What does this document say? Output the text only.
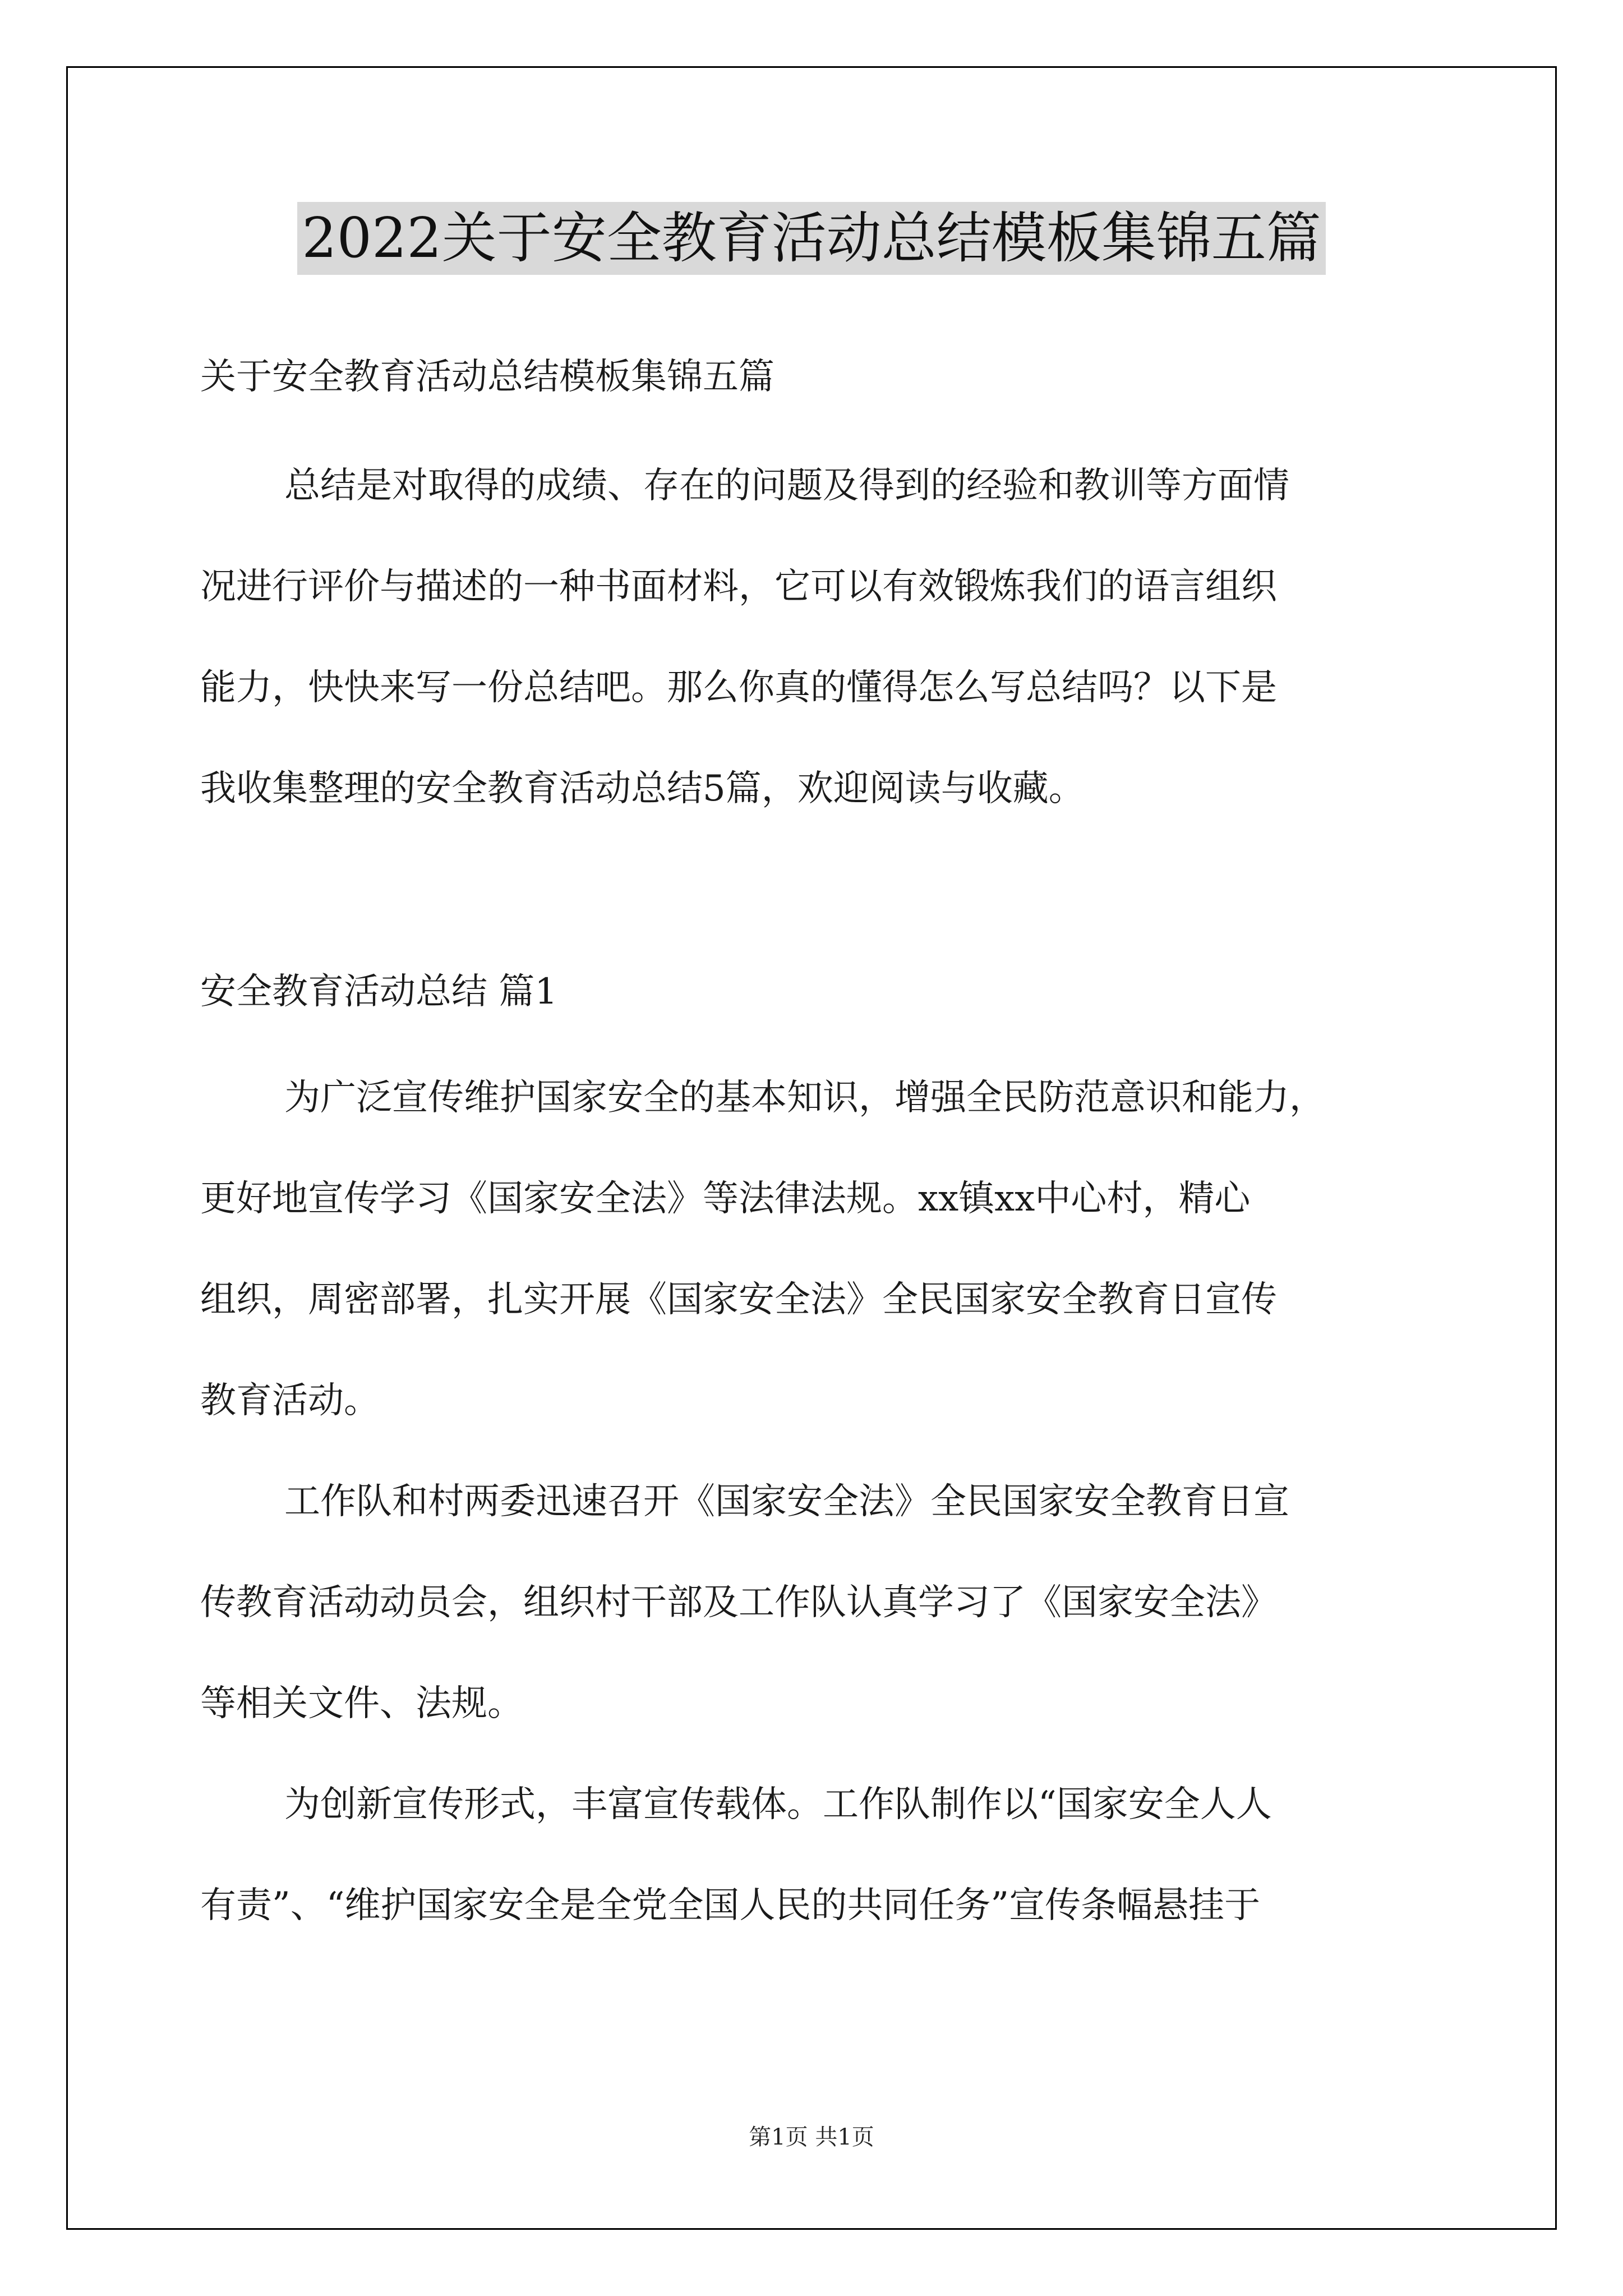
2022关于安全教育活动总结模板集锦五篇
关于安全教育活动总结模板集锦五篇
总结是对取得的成绩、存在的问题及得到的经验和教训等方面情
况进行评价与描述的一种书面材料，它可以有效锻炼我们的语言组织
能力，快快来写一份总结吧。那么你真的懂得怎么写总结吗？以下是
我收集整理的安全教育活动总结5篇，欢迎阅读与收藏。
安全教育活动总结 篇1
为广泛宣传维护国家安全的基本知识，增强全民防范意识和能力，
更好地宣传学习《国家安全法》等法律法规。xx镇xx中心村，精心
组织，周密部署，扎实开展《国家安全法》全民国家安全教育日宣传
教育活动。
工作队和村两委迅速召开《国家安全法》全民国家安全教育日宣
传教育活动动员会，组织村干部及工作队认真学习了《国家安全法》
等相关文件、法规。
为创新宣传形式，丰富宣传载体。工作队制作以“国家安全人人
有责”、“维护国家安全是全党全国人民的共同任务”宣传条幅悬挂于
第1页 共1页
